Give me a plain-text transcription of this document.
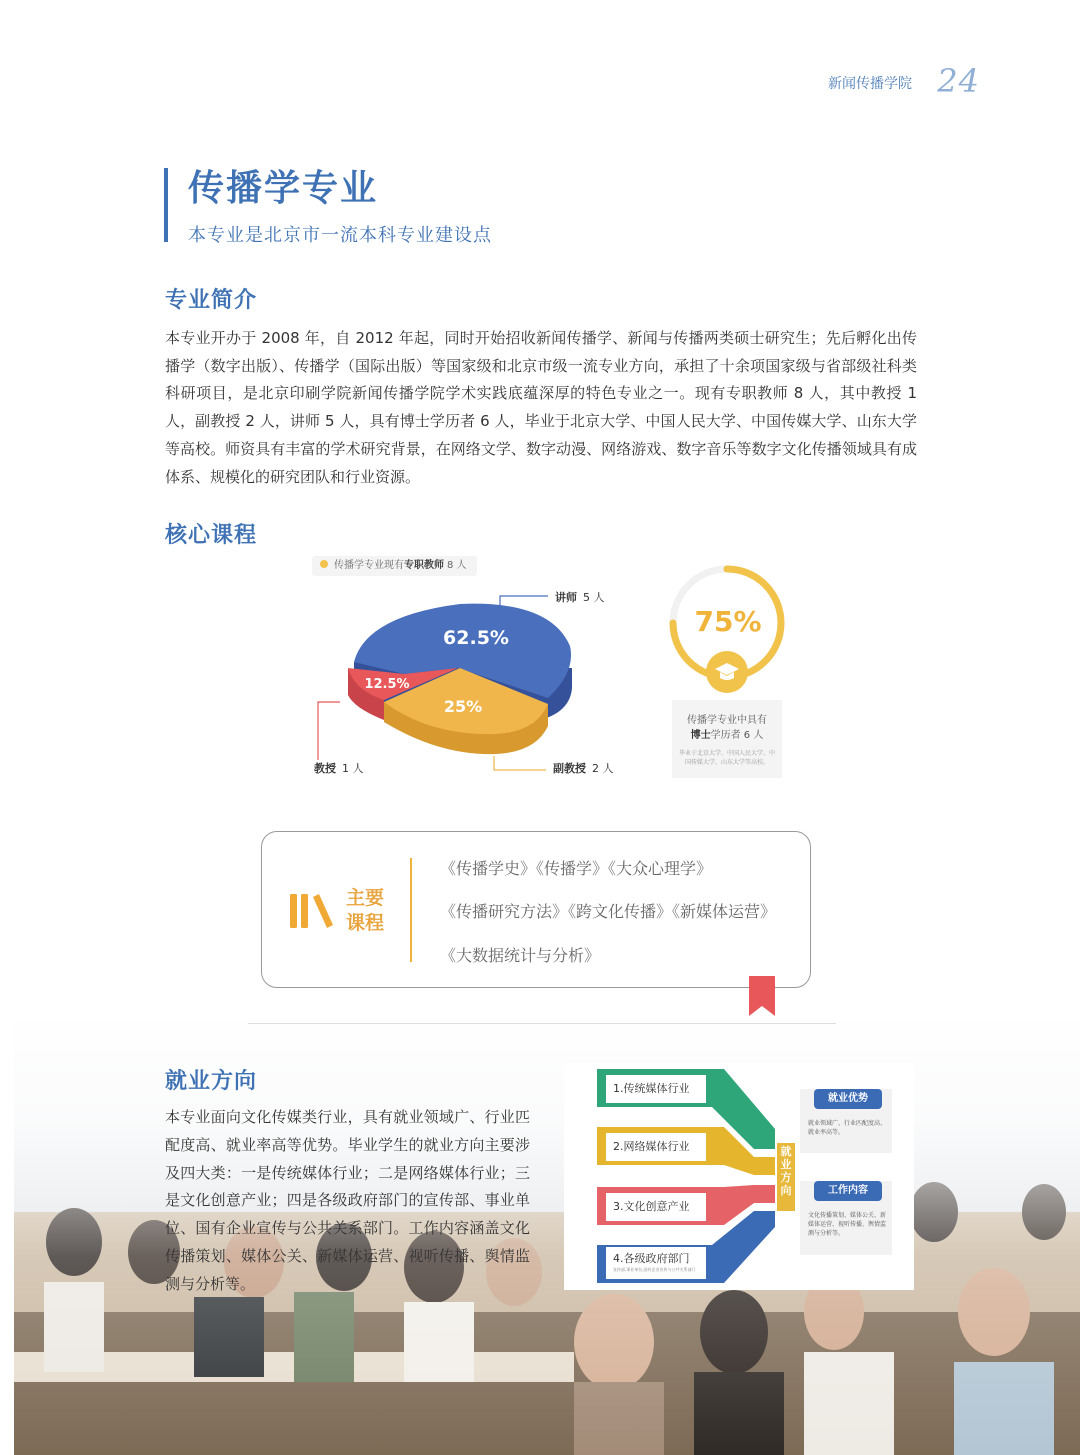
新闻传播学院 24
传播学专业
本专业是北京市一流本科专业建设点
专业简介
本专业开办于 2008 年，自 2012 年起，同时开始招收新闻传播学、新闻与传播两类硕士研究生；先后孵化出传播学（数字出版）、传播学（国际出版）等国家级和北京市级一流专业方向，承担了十余项国家级与省部级社科类科研项目，是北京印刷学院新闻传播学院学术实践底蕴深厚的特色专业之一。现有专职教师 8 人，其中教授 1 人，副教授 2 人，讲师 5 人，具有博士学历者 6 人，毕业于北京大学、中国人民大学、中国传媒大学、山东大学等高校。师资具有丰富的学术研究背景，在网络文学、数字动漫、网络游戏、数字音乐等数字文化传播领域具有成体系、规模化的研究团队和行业资源。
核心课程
传播学专业现有专职教师 8 人
62.5%
12.5%
25%
讲师 5 人
教授 1 人	副教授 2 人
75%
传播学专业中具有
博士学历者 6 人
毕业于北京大学、中国人民大学、中国传媒大学、山东大学等高校。
主要
课程
《传播学史》《传播学》《大众心理学》
《传播研究方法》《跨文化传播》《新媒体运营》
《大数据统计与分析》
就业方向
本专业面向文化传媒类行业，具有就业领域广、行业匹配度高、就业率高等优势。毕业学生的就业方向主要涉及四大类：一是传统媒体行业；二是网络媒体行业；三是文化创意产业；四是各级政府部门的宣传部、事业单位、国有企业宣传与公共关系部门。工作内容涵盖文化传播策划、媒体公关、新媒体运营、视听传播、舆情监测与分析等。
1.传统媒体行业
2.网络媒体行业
3.文化创意产业
4.各级政府部门
宣传部,事业单位,国有企业宣传与公共关系部门
就业方向
就业优势
就业领域广、行业匹配度高、就业率高等。
工作内容
文化传播策划、媒体公关、新媒体运营、视听传播、舆情监测与分析等。
